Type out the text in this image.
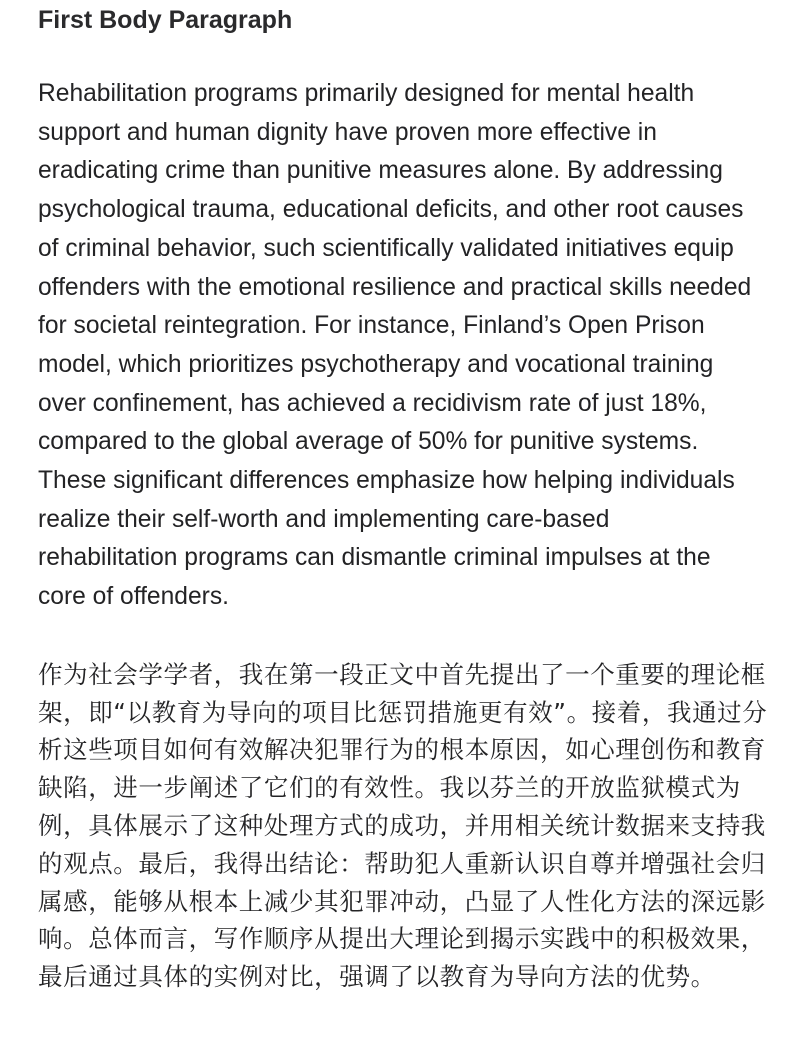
First Body Paragraph

Rehabilitation programs primarily designed for mental health
support and human dignity have proven more effective in
eradicating crime than punitive measures alone. By addressing
psychological trauma, educational deficits, and other root causes
of criminal behavior, such scientifically validated initiatives equip
offenders with the emotional resilience and practical skills needed
for societal reintegration. For instance, Finland’s Open Prison
model, which prioritizes psychotherapy and vocational training
over confinement, has achieved a recidivism rate of just 18%,
compared to the global average of 50% for punitive systems.
These significant differences emphasize how helping individuals
realize their self-worth and implementing care-based
rehabilitation programs can dismantle criminal impulses at the
core of offenders.

作为社会学学者，我在第一段正文中首先提出了一个重要的理论框
架，即“以教育为导向的项目比惩罚措施更有效”。接着，我通过分
析这些项目如何有效解决犯罪行为的根本原因，如心理创伤和教育
缺陷，进一步阐述了它们的有效性。我以芬兰的开放监狱模式为
例，具体展示了这种处理方式的成功，并用相关统计数据来支持我
的观点。最后，我得出结论：帮助犯人重新认识自尊并增强社会归
属感，能够从根本上减少其犯罪冲动，凸显了人性化方法的深远影
响。总体而言，写作顺序从提出大理论到揭示实践中的积极效果，
最后通过具体的实例对比，强调了以教育为导向方法的优势。
